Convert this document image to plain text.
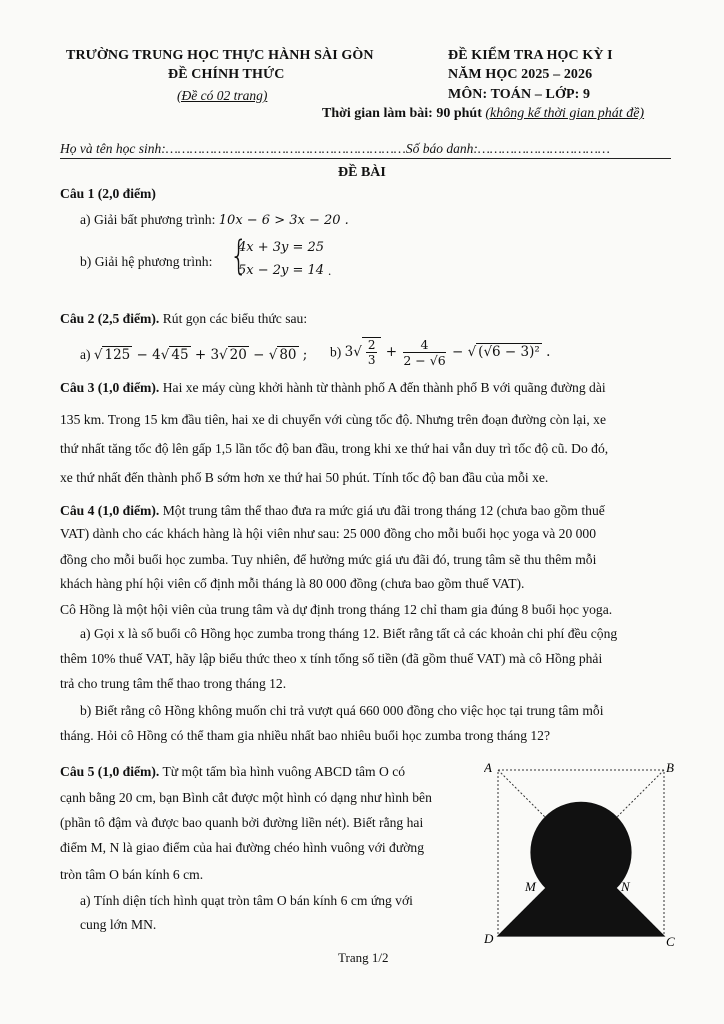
TRƯỜNG TRUNG HỌC THỰC HÀNH SÀI GÒN
ĐỀ CHÍNH THỨC
(Đề có 02 trang)
ĐỀ KIỂM TRA HỌC KỲ I
NĂM HỌC 2025 – 2026
MÔN: TOÁN – LỚP: 9
Thời gian làm bài: 90 phút (không kể thời gian phát đề)
Họ và tên học sinh:……………………………………………………Số báo danh:……………………………
ĐỀ BÀI
Câu 1 (2,0 điểm)
a) Giải bất phương trình: 10x − 6 > 3x − 20 .
b) Giải hệ phương trình: {
4x + 3y = 25
5x − 2y = 14 .
Câu 2 (2,5 điểm). Rút gọn các biểu thức sau:
a) √ 125 − 4√ 45 + 3√ 20 − √ 80 ; b) $3√ \frac{2}{3} + \frac{4}{2 - √6}$ − √ (√6 − 3)² .
Câu 3 (1,0 điểm). Hai xe máy cùng khởi hành từ thành phố A đến thành phố B với quãng đường dài
135 km. Trong 15 km đầu tiên, hai xe di chuyển với cùng tốc độ. Nhưng trên đoạn đường còn lại, xe
thứ nhất tăng tốc độ lên gấp 1,5 lần tốc độ ban đầu, trong khi xe thứ hai vẫn duy trì tốc độ cũ. Do đó,
xe thứ nhất đến thành phố B sớm hơn xe thứ hai 50 phút. Tính tốc độ ban đầu của mỗi xe.
Câu 4 (1,0 điểm). Một trung tâm thể thao đưa ra mức giá ưu đãi trong tháng 12 (chưa bao gồm thuế
VAT) dành cho các khách hàng là hội viên như sau: 25 000 đồng cho mỗi buổi học yoga và 20 000
đồng cho mỗi buổi học zumba. Tuy nhiên, để hưởng mức giá ưu đãi đó, trung tâm sẽ thu thêm mỗi
khách hàng phí hội viên cố định mỗi tháng là 80 000 đồng (chưa bao gồm thuế VAT).
Cô Hồng là một hội viên của trung tâm và dự định trong tháng 12 chỉ tham gia đúng 8 buổi học yoga.
a) Gọi x là số buổi cô Hồng học zumba trong tháng 12. Biết rằng tất cả các khoản chi phí đều cộng
thêm 10% thuế VAT, hãy lập biểu thức theo x tính tổng số tiền (đã gồm thuế VAT) mà cô Hồng phải
trả cho trung tâm thể thao trong tháng 12.
b) Biết rằng cô Hồng không muốn chi trả vượt quá 660 000 đồng cho việc học tại trung tâm mỗi
tháng. Hỏi cô Hồng có thể tham gia nhiều nhất bao nhiêu buổi học zumba trong tháng 12?
Câu 5 (1,0 điểm). Từ một tấm bìa hình vuông ABCD tâm O có
cạnh bằng 20 cm, bạn Bình cắt được một hình có dạng như hình bên
(phần tô đậm và được bao quanh bởi đường liền nét). Biết rằng hai
điểm M, N là giao điểm của hai đường chéo hình vuông với đường
tròn tâm O bán kính 6 cm.
a) Tính diện tích hình quạt tròn tâm O bán kính 6 cm ứng với
cung lớn MN.
A	B
C
D
M	N
Trang 1/2
